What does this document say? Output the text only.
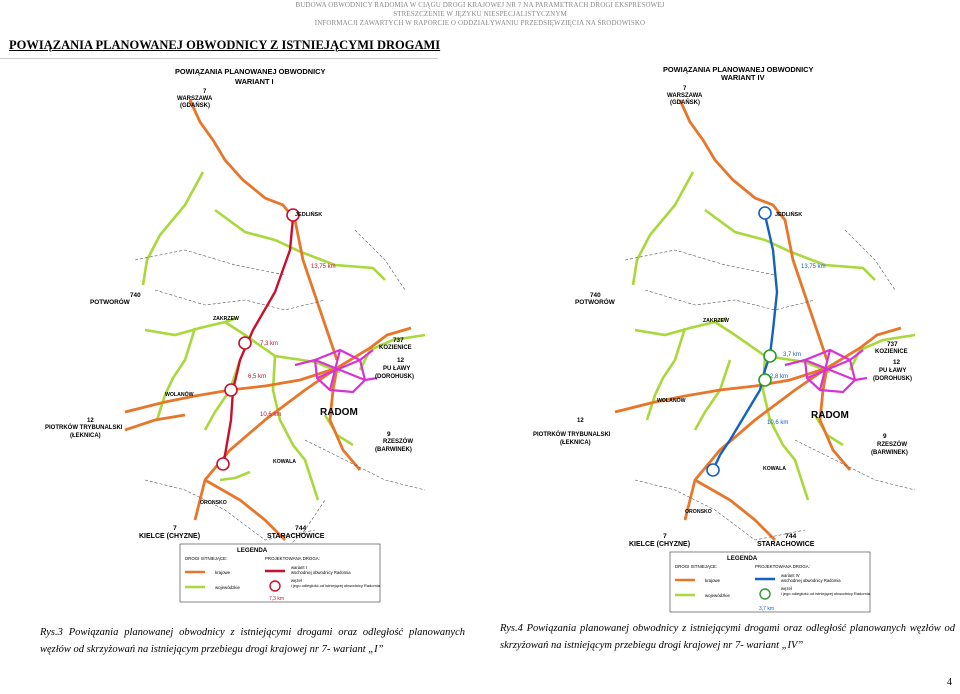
BUDOWA OBWODNICY RADOMIA W CIĄGU DROGI KRAJOWEJ NR 7 NA PARAMETRACH DROGI EKSPRESOWEJ
STRESZCZENIE W JĘZYKU NIESPECJALISTYCZNYM
INFORMACJI ZAWARTYCH W RAPORCIE O ODDZIAŁYWANIU PRZEDSIĘWZIĘCIA NA ŚRODOWISKO
POWIĄZANIA PLANOWANEJ OBWODNICY Z ISTNIEJĄCYMI DROGAMI
POWIĄZANIA PLANOWANEJ OBWODNICY
WARIANT I
7
WARSZAWA
(GDAŃSK)
JEDLIŃSK
13,75 km
740
POTWORÓW
ZAKRZEW
7,3 km
6,5 km
737
KOZIENICE
12
PU ŁAWY
(DOROHUSK)
WOLANÓW
RADOM
10,6 km
12
PIOTRKÓW TRYBUNALSKI
(ŁEKNICA)	9
RZESZÓW
(BARWINEK)
KOWALA
ORONSKO
7
KIELCE (CHYZNE)
744
STARACHOWICE
LEGENDA
DROGI ISTNIEJĄCE:	PROJEKTOWANA DROGA:
krajowe
wojewódzkie
wariant I
wschodniej obwodnicy Radomia
węzeł
i jego odległość od istniejącej obwodnicy Radomia
7,3 km
POWIĄZANIA PLANOWANEJ OBWODNICY
WARIANT IV
7
WARSZAWA
(GDAŃSK)
JEDLIŃSK
13,75 km
740
POTWORÓW
ZAKRZEW
3,7 km
2,8 km
737
KOZIENICE
12
PU ŁAWY
(DOROHUSK)
WOLANÓW
RADOM
10,6 km
12
PIOTRKÓW TRYBUNALSKI
(ŁEKNICA)
9
RZESZÓW
(BARWINEK)
KOWALA
ORONSKO
7
KIELCE (CHYZNE)
744
STARACHOWICE
LEGENDA
DROGI ISTNIEJĄCE:	PROJEKTOWANA DROGA:
krajowe
wojewódzkie
wariant IV
wschodniej obwodnicy Radomia
węzeł
i jego odległość od istniejącej obwodnicy Radomia
3,7 km
Rys.3 Powiązania planowanej obwodnicy z istniejącymi drogami oraz odległość planowanych węzłów od skrzyżowań na istniejącym przebiegu drogi krajowej nr 7- wariant „I”
Rys.4 Powiązania planowanej obwodnicy z istniejącymi drogami oraz odległość planowanych węzłów od skrzyżowań na istniejącym przebiegu drogi krajowej nr 7- wariant „IV”
4
